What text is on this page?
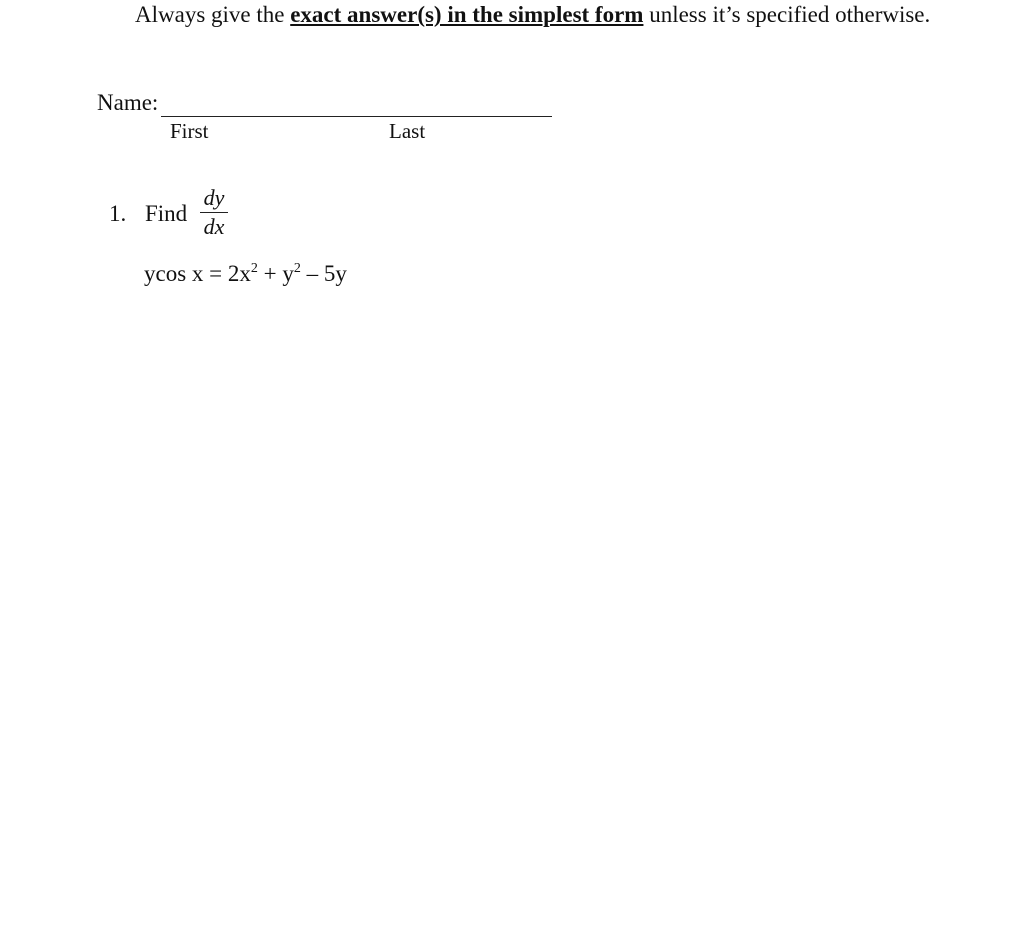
Always give the exact answer(s) in the simplest form unless it’s specified otherwise.
Name:
First	Last
1. Find
dy
dx
ycos $x = 2x^2 + y^2 - 5y$
